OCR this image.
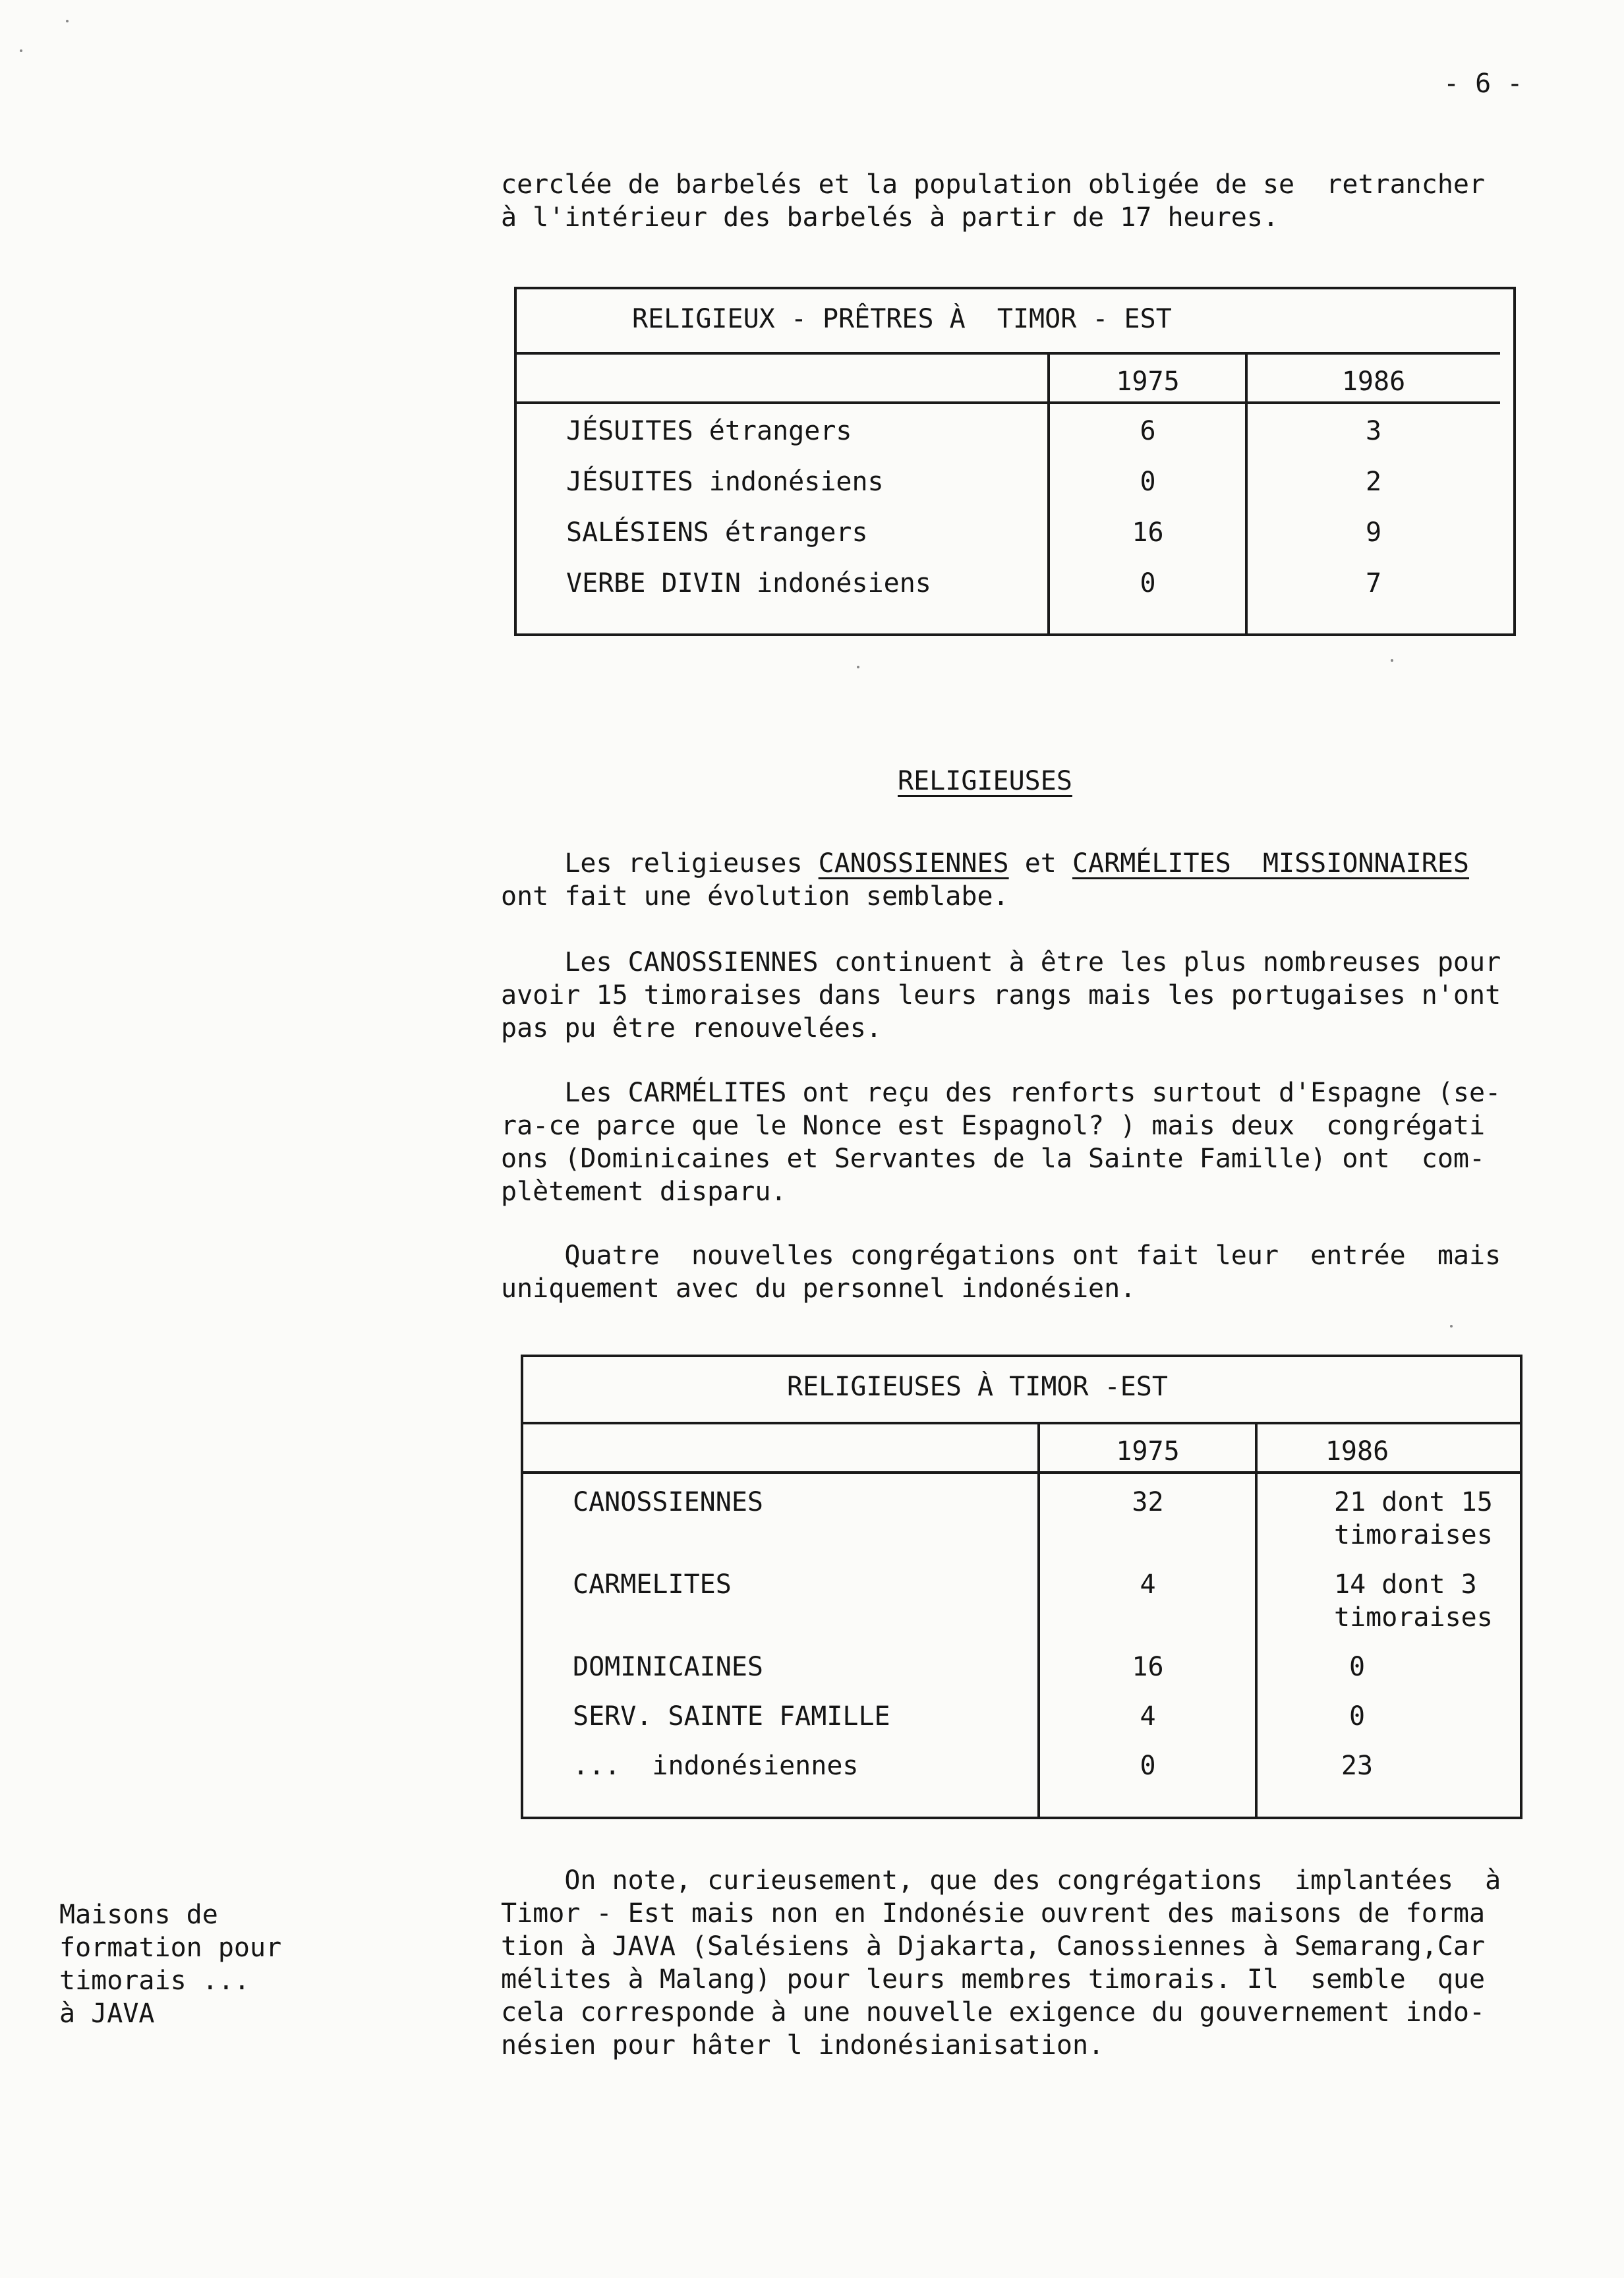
- 6 -
cerclée de barbelés et la population obligée de se  retrancher
à l'intérieur des barbelés à partir de 17 heures.
RELIGIEUX - PRÊTRES À  TIMOR - EST
1975	1986
JÉSUITES étrangers	6	3
JÉSUITES indonésiens	0	2
SALÉSIENS étrangers	16	9
VERBE DIVIN indonésiens	0	7
RELIGIEUSES
Les religieuses CANOSSIENNES et CARMÉLITES  MISSIONNAIRES
ont fait une évolution semblabe.
Les CANOSSIENNES continuent à être les plus nombreuses pour
avoir 15 timoraises dans leurs rangs mais les portugaises n'ont
pas pu être renouvelées.
Les CARMÉLITES ont reçu des renforts surtout d'Espagne (se-
ra-ce parce que le Nonce est Espagnol? ) mais deux  congrégati
ons (Dominicaines et Servantes de la Sainte Famille) ont  com-
plètement disparu.
Quatre  nouvelles congrégations ont fait leur  entrée  mais
uniquement avec du personnel indonésien.
RELIGIEUSES À TIMOR -EST
1975	1986
CANOSSIENNES	32	21 dont 15
timoraises
CARMELITES	4	14 dont 3
timoraises
DOMINICAINES	16	0
SERV. SAINTE FAMILLE	4	0
...  indonésiennes	0	23
On note, curieusement, que des congrégations  implantées  à
Timor - Est mais non en Indonésie ouvrent des maisons de forma
tion à JAVA (Salésiens à Djakarta, Canossiennes à Semarang,Car
mélites à Malang) pour leurs membres timorais. Il  semble  que
cela corresponde à une nouvelle exigence du gouvernement indo-
nésien pour hâter l indonésianisation.
Maisons de
formation pour
timorais ...
à JAVA
